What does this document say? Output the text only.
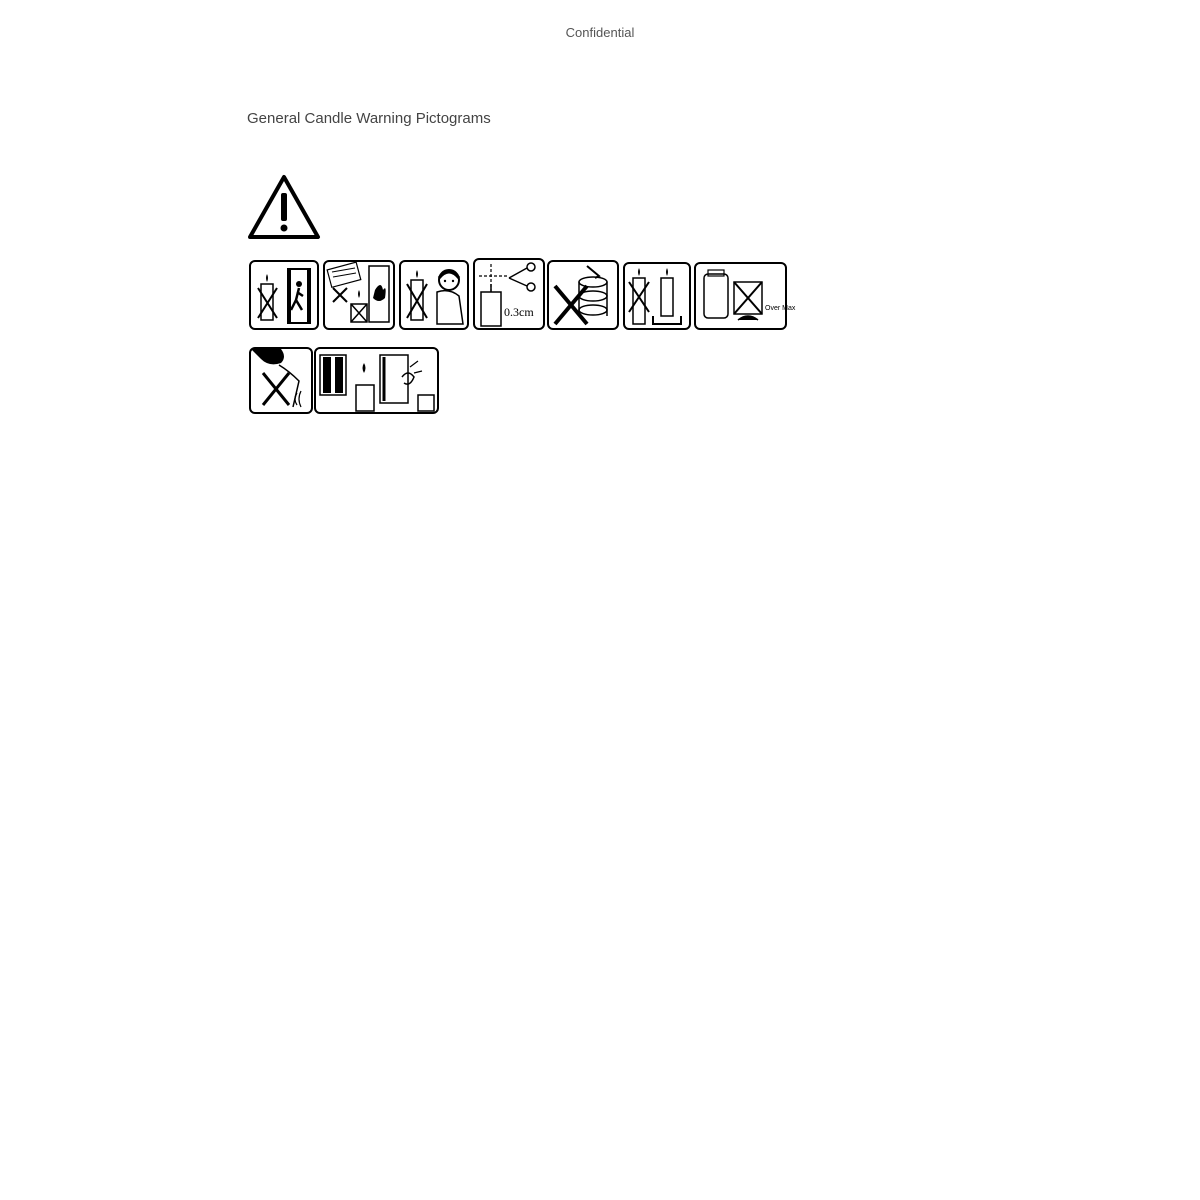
Confidential
General Candle Warning Pictograms
0.3cm	Over Max
